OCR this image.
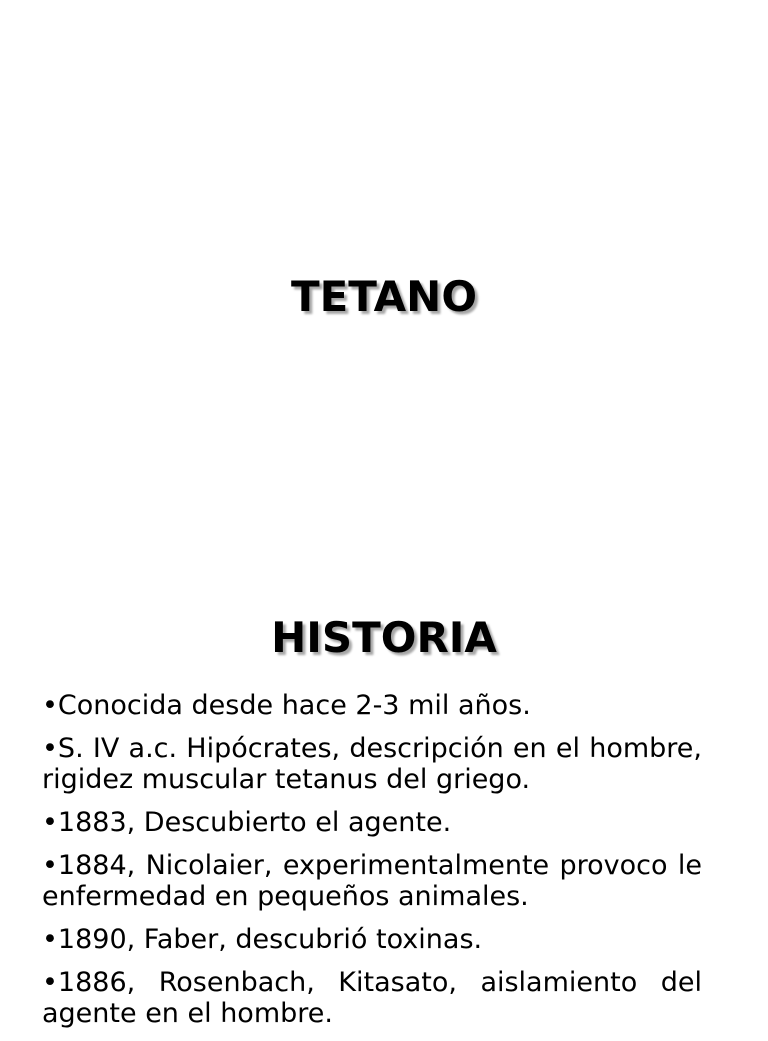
TETANO
HISTORIA
•Conocida desde hace 2-3 mil años.
•S. IV a.c. Hipócrates, descripción en el hombre, rigidez muscular tetanus del griego.
•1883, Descubierto el agente.
•1884, Nicolaier, experimentalmente provoco le enfermedad en pequeños animales.
•1890, Faber, descubrió toxinas.
•1886, Rosenbach, Kitasato, aislamiento del agente en el hombre.
